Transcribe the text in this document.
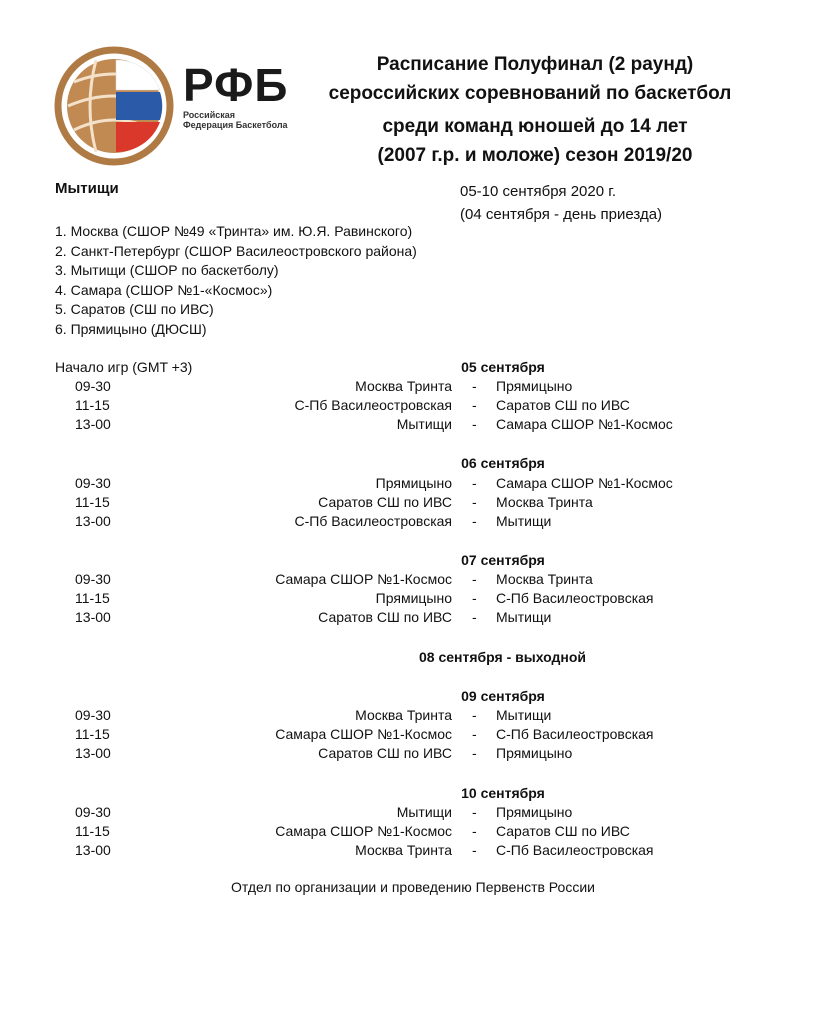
РФБ
Российская
Федерация Баскетбола
Расписание Полуфинал (2 раунд)
сероссийских соревнований по баскетбол
среди команд юношей до 14 лет
(2007 г.р. и моложе) сезон 2019/20
Мытищи	05-10 сентября 2020 г.
(04 сентября - день приезда)
1. Москва (СШОР №49 «Тринта» им. Ю.Я. Равинского)
2. Санкт-Петербург (СШОР Василеостровского района)
3. Мытищи (СШОР по баскетболу)
4. Самара (СШОР №1-«Космос»)
5. Саратов (СШ по ИВС)
6. Прямицыно (ДЮСШ)
Начало игр (GMT +3)	05 сентября
09-30	Москва Тринта - Прямицыно
11-15	С-Пб Василеостровская - Саратов СШ по ИВС
13-00	Мытищи - Самара СШОР №1-Космос
06 сентября
09-30	Прямицыно - Самара СШОР №1-Космос
11-15	Саратов СШ по ИВС - Москва Тринта
13-00	С-Пб Василеостровская - Мытищи
07 сентября
09-30	Самара СШОР №1-Космос - Москва Тринта
11-15	Прямицыно - С-Пб Василеостровская
13-00	Саратов СШ по ИВС - Мытищи
08 сентября - выходной
09 сентября
09-30	Москва Тринта - Мытищи
11-15	Самара СШОР №1-Космос - С-Пб Василеостровская
13-00	Саратов СШ по ИВС - Прямицыно
10 сентября
09-30	Мытищи - Прямицыно
11-15	Самара СШОР №1-Космос - Саратов СШ по ИВС
13-00	Москва Тринта - С-Пб Василеостровская
Отдел по организации и проведению Первенств России
